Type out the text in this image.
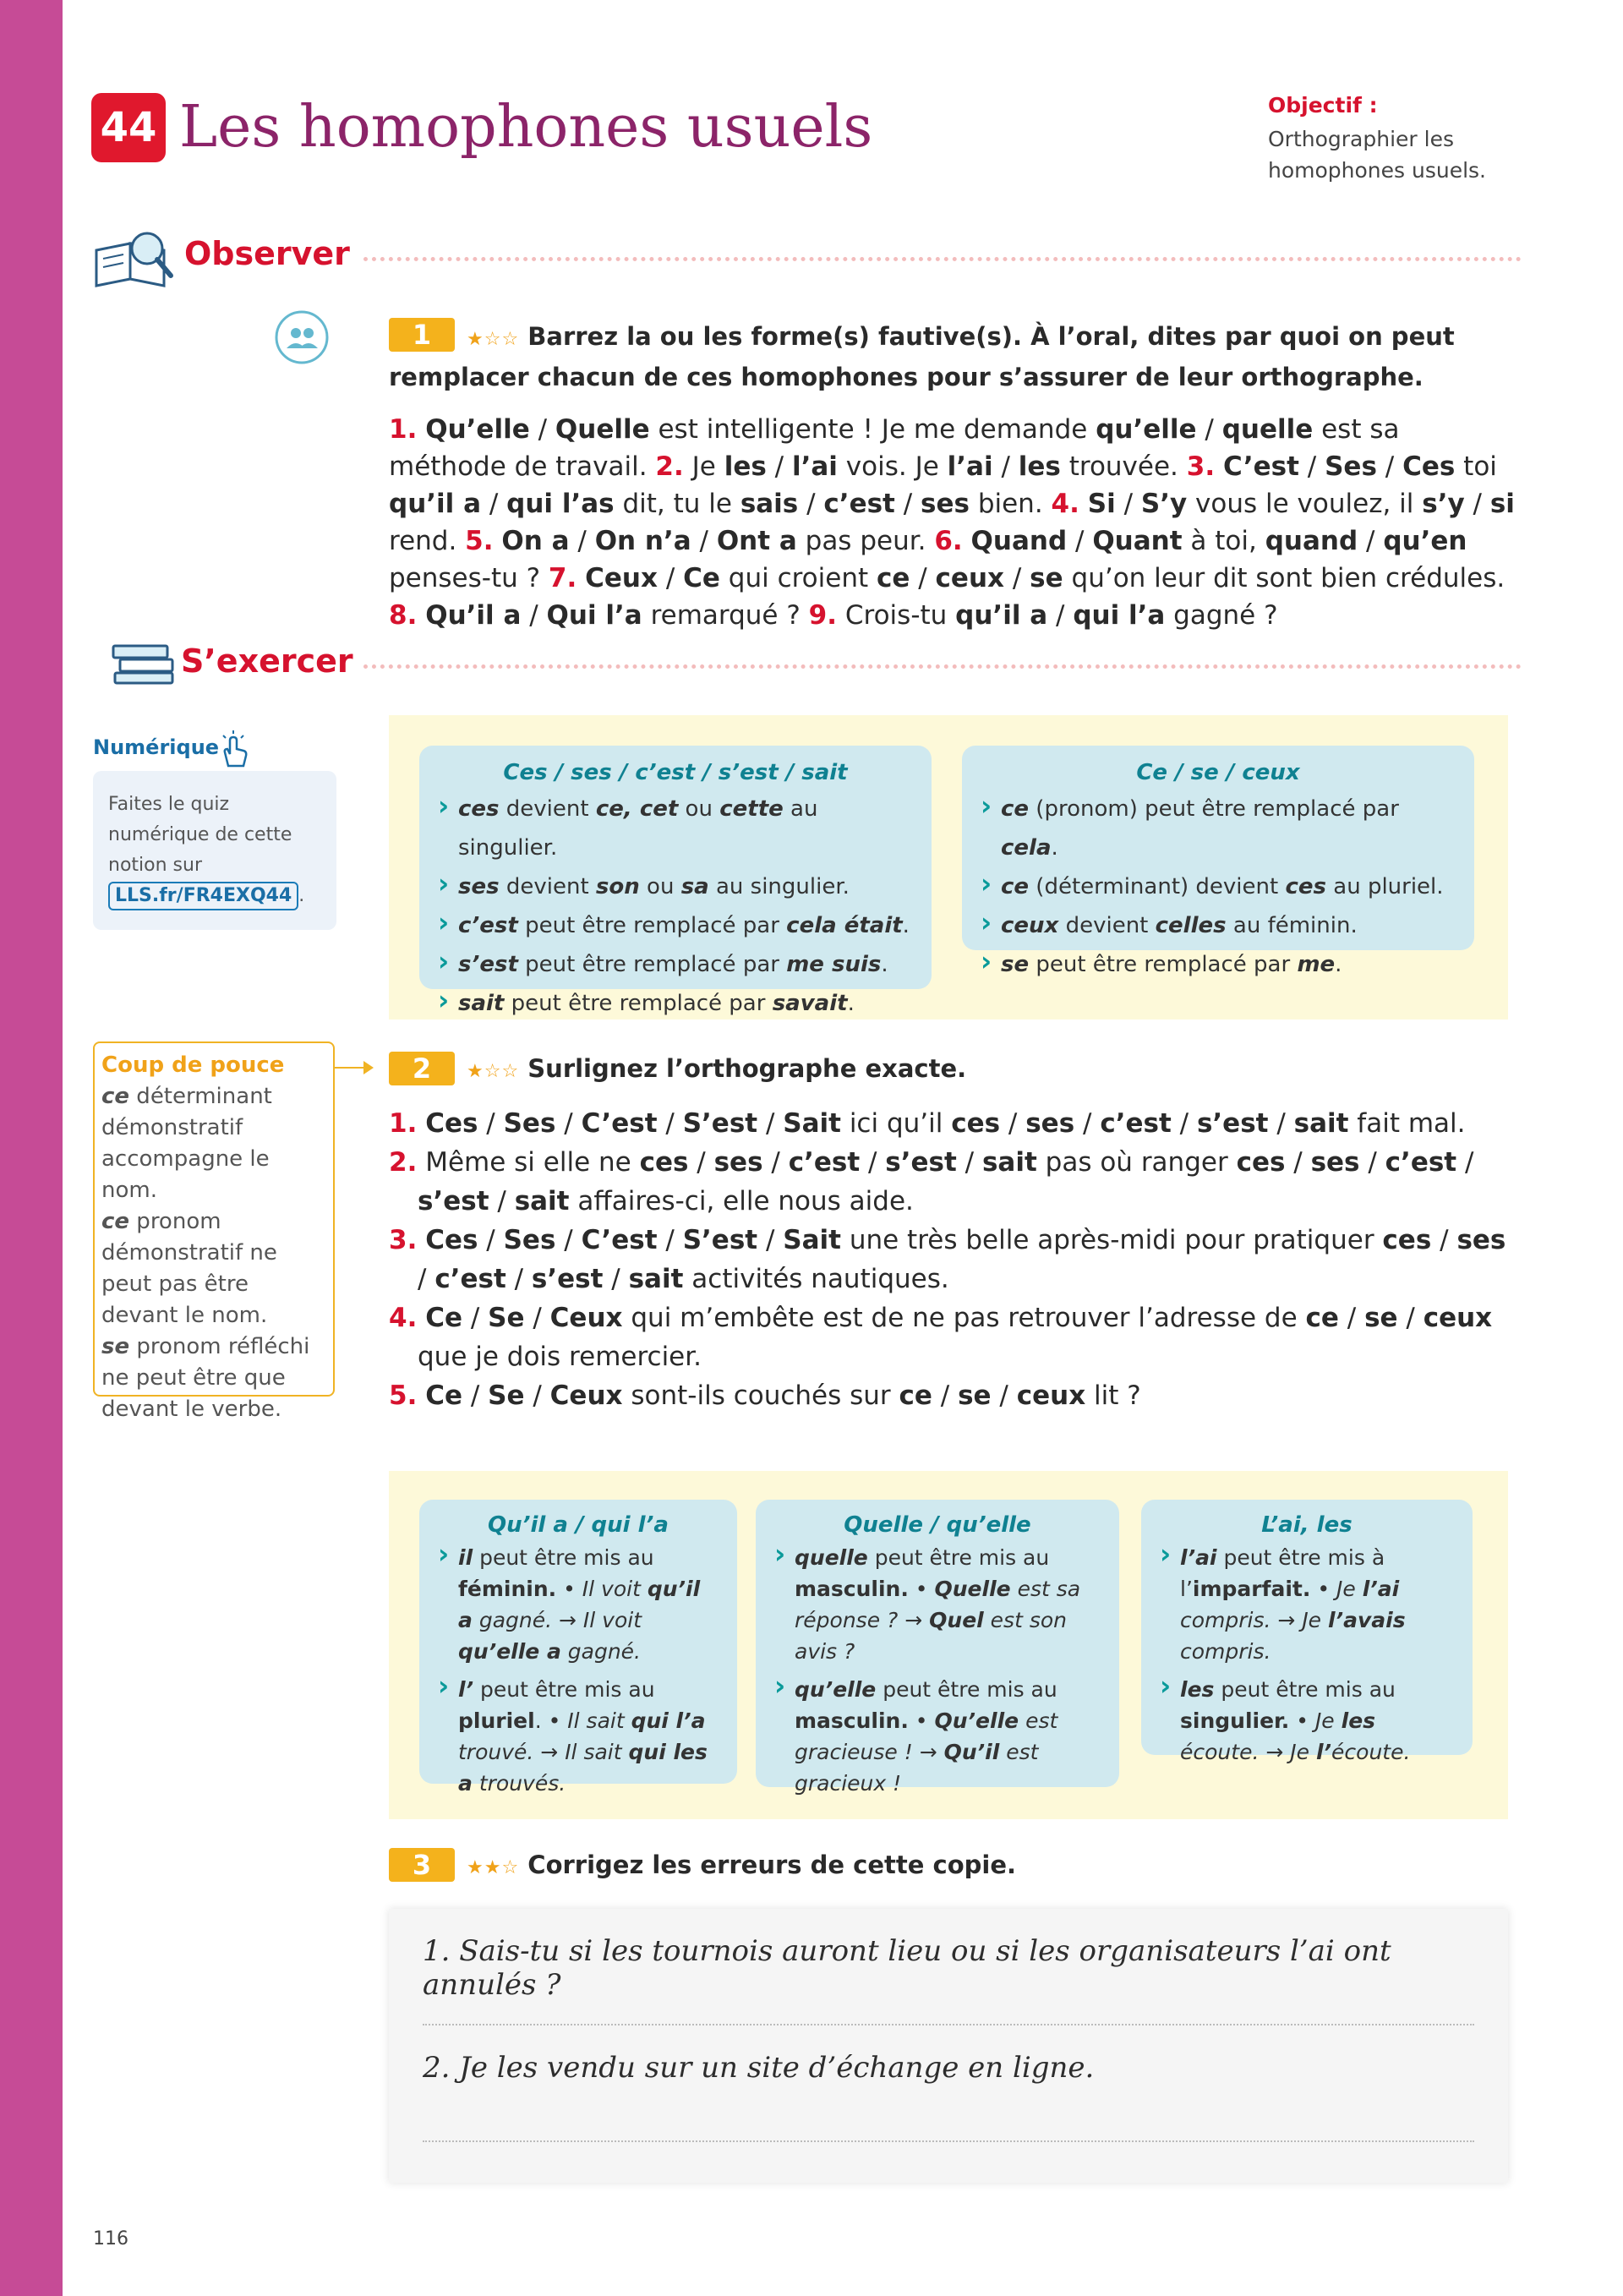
44 Les homophones usuels	Objectif :
Orthographier les homophones usuels.
Observer
1	★☆☆ Barrez la ou les forme(s) fautive(s). À l’oral, dites par quoi on peut remplacer chacun de ces homophones pour s’assurer de leur orthographe.
1. Qu’elle / Quelle est intelligente ! Je me demande qu’elle / quelle est sa méthode de travail. 2. Je les / l’ai vois. Je l’ai / les trouvée. 3. C’est / Ses / Ces toi qu’il a / qui l’as dit, tu le sais / c’est / ses bien. 4. Si / S’y vous le voulez, il s’y / si rend. 5. On a / On n’a / Ont a pas peur. 6. Quand / Quant à toi, quand / qu’en penses-tu ? 7. Ceux / Ce qui croient ce / ceux / se qu’on leur dit sont bien crédules. 8. Qu’il a / Qui l’a remarqué ? 9. Crois-tu qu’il a / qui l’a gagné ?
S’exercer
Numérique
Faites le quiz numérique de cette notion sur
LLS.fr/FR4EXQ44 .
Ces / ses / c’est / s’est / sait
› ces devient ce, cet ou cette au singulier.
› ses devient son ou sa au singulier.
› c’est peut être remplacé par cela était.
› s’est peut être remplacé par me suis.
› sait peut être remplacé par savait.
Ce / se / ceux
› ce (pronom) peut être remplacé par cela.
› ce (déterminant) devient ces au pluriel.
› ceux devient celles au féminin.
› se peut être remplacé par me.
Coup de pouce
ce déterminant démonstratif accompagne le nom.
ce pronom démonstratif ne peut pas être devant le nom.
se pronom réfléchi ne peut être que devant le verbe.
2	★☆☆ Surlignez l’orthographe exacte.
1. Ces / Ses / C’est / S’est / Sait ici qu’il ces / ses / c’est / s’est / sait fait mal.
2. Même si elle ne ces / ses / c’est / s’est / sait pas où ranger ces / ses / c’est / s’est / sait affaires-ci, elle nous aide.
3. Ces / Ses / C’est / S’est / Sait une très belle après-midi pour pratiquer ces / ses / c’est / s’est / sait activités nautiques.
4. Ce / Se / Ceux qui m’embête est de ne pas retrouver l’adresse de ce / se / ceux que je dois remercier.
5. Ce / Se / Ceux sont-ils couchés sur ce / se / ceux lit ?
Qu’il a / qui l’a
› il peut être mis au féminin. • Il voit qu’il a gagné. → Il voit qu’elle a gagné.
› l’ peut être mis au pluriel. • Il sait qui l’a trouvé. → Il sait qui les a trouvés.
Quelle / qu’elle
› quelle peut être mis au masculin. • Quelle est sa réponse ? → Quel est son avis ?
› qu’elle peut être mis au masculin. • Qu’elle est gracieuse ! → Qu’il est gracieux !
L’ai, les
› l’ai peut être mis à l’imparfait. • Je l’ai compris. → Je l’avais compris.
› les peut être mis au singulier. • Je les écoute. → Je l’écoute.
3	★★☆ Corrigez les erreurs de cette copie.
1. Sais-tu si les tournois auront lieu ou si les organisateurs l’ai ont annulés ?
2. Je les vendu sur un site d’échange en ligne.
116
